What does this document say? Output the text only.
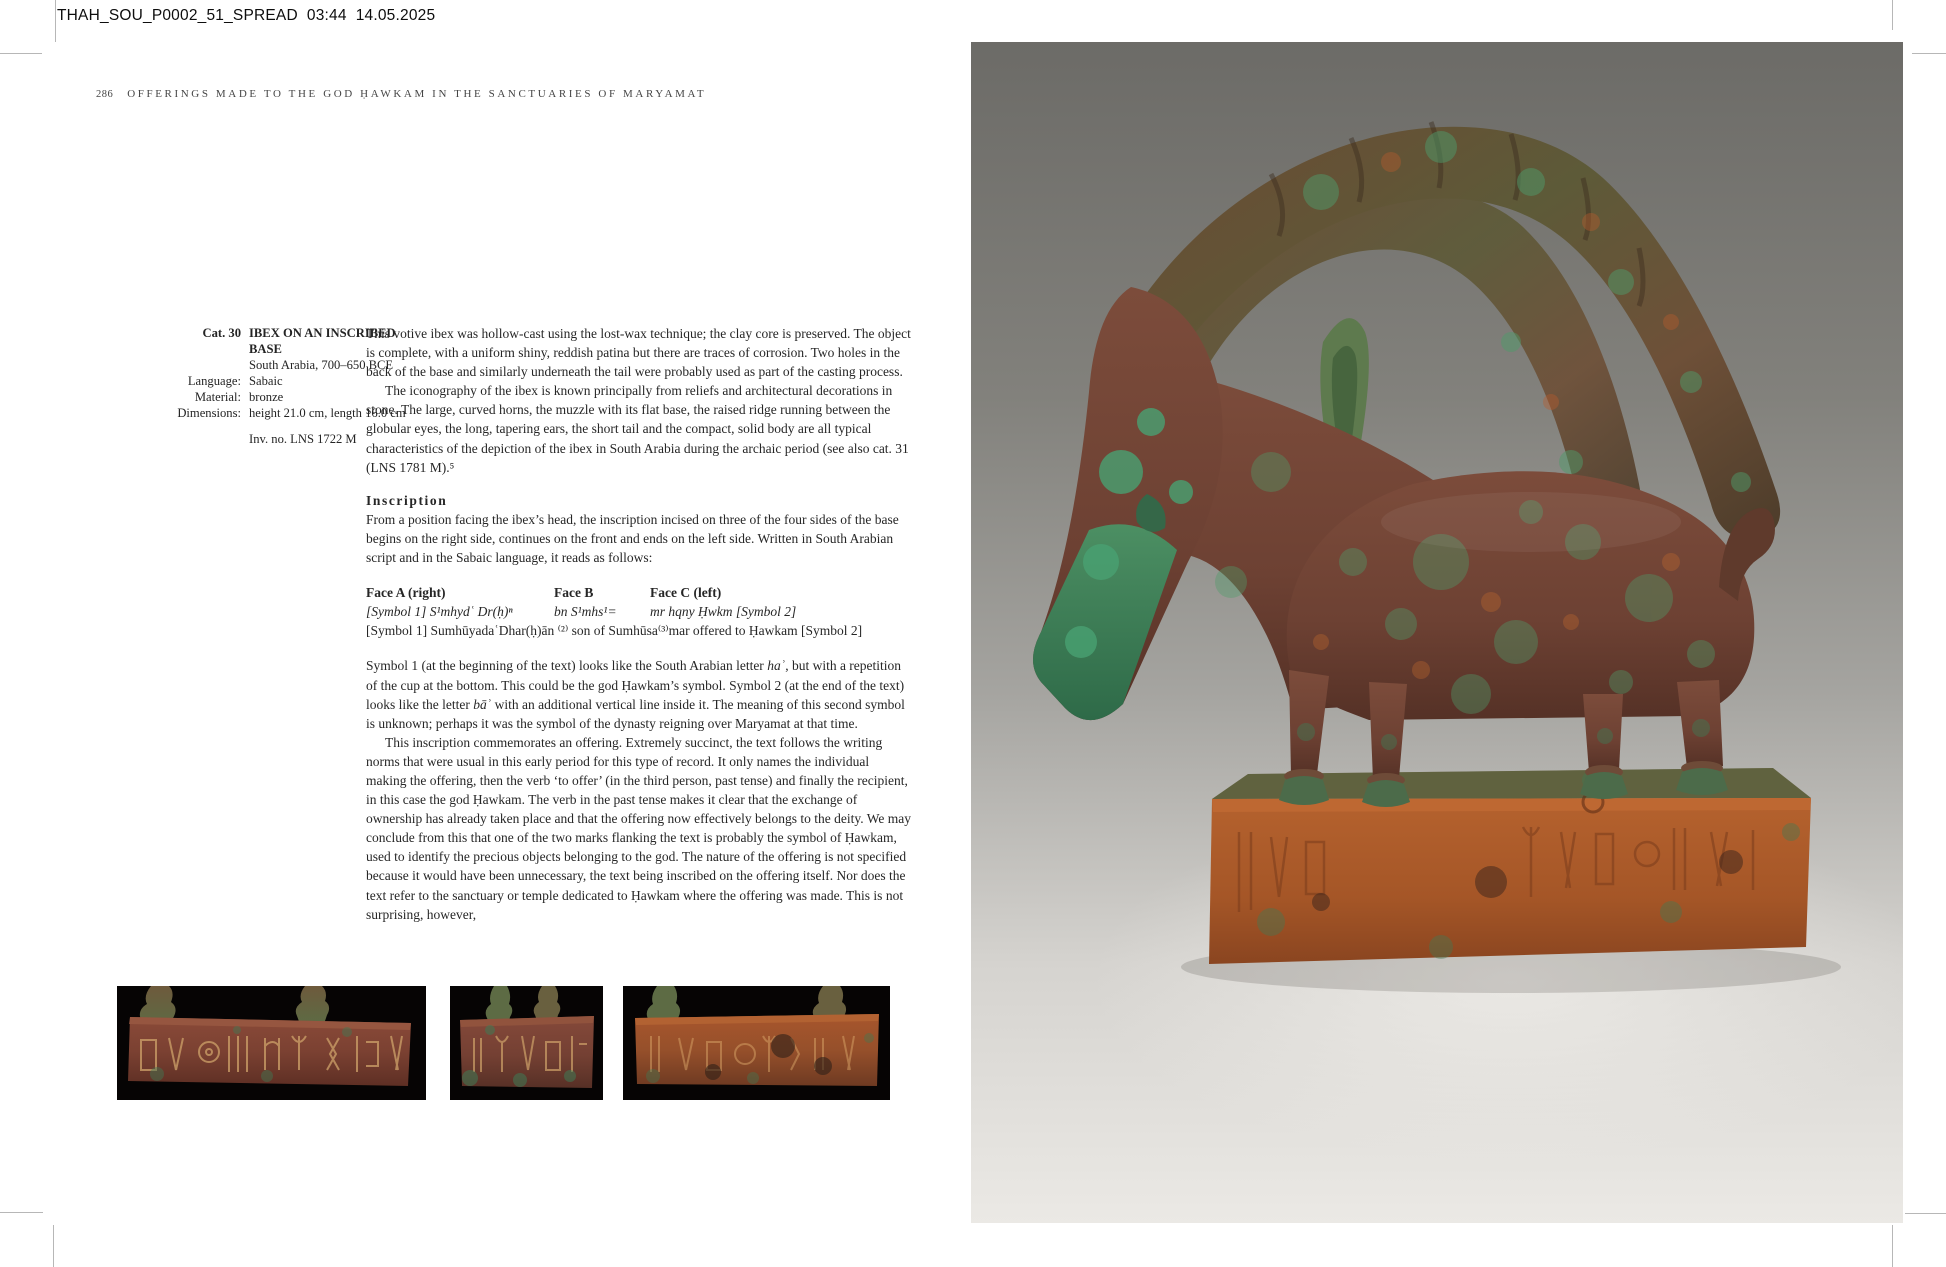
THAH_SOU_P0002_51_SPREAD 03:44 14.05.2025
286 OFFERINGS MADE TO THE GOD ḤAWKAM IN THE SANCTUARIES OF MARYAMAT
Cat. 30 IBEX ON AN INSCRIBED BASE
South Arabia, 700–650 BCE
Language: Sabaic
Material: bronze
Dimensions: height 21.0 cm, length 16.0 cm
Inv. no. LNS 1722 M

This votive ibex was hollow-cast using the lost-wax technique; the clay core is preserved. The object is complete, with a uniform shiny, reddish patina but there are traces of corrosion. Two holes in the back of the base and similarly underneath the tail were probably used as part of the casting process.

The iconography of the ibex is known principally from reliefs and architectural decorations in stone. The large, curved horns, the muzzle with its flat base, the raised ridge running between the globular eyes, the long, tapering ears, the short tail and the compact, solid body are all typical characteristics of the depiction of the ibex in South Arabia during the archaic period (see also cat. 31 (LNS 1781 M).⁵

Inscription

From a position facing the ibex’s head, the inscription incised on three of the four sides of the base begins on the right side, continues on the front and ends on the left side. Written in South Arabian script and in the Sabaic language, it reads as follows:

Face A (right)	Face B	Face C (left)
[Symbol 1] S¹mhydʿ Dr(ḥ)ⁿ	bn S¹mhs¹=	mr hqny Ḥwkm [Symbol 2]
[Symbol 1] SumhūyadaʿDhar(ḥ)ān ⁽²⁾ son of Sumhūsa⁽³⁾mar offered to Ḥawkam [Symbol 2]

Symbol 1 (at the beginning of the text) looks like the South Arabian letter haʾ, but with a repetition of the cup at the bottom. This could be the god Ḥawkam’s symbol. Symbol 2 (at the end of the text) looks like the letter bāʾ with an additional vertical line inside it. The meaning of this second symbol is unknown; perhaps it was the symbol of the dynasty reigning over Maryamat at that time.

This inscription commemorates an offering. Extremely succinct, the text follows the writing norms that were usual in this early period for this type of record. It only names the individual making the offering, then the verb ‘to offer’ (in the third person, past tense) and finally the recipient, in this case the god Ḥawkam. The verb in the past tense makes it clear that the exchange of ownership has already taken place and that the offering now effectively belongs to the deity. We may conclude from this that one of the two marks flanking the text is probably the symbol of Ḥawkam, used to identify the precious objects belonging to the god. The nature of the offering is not specified because it would have been unnecessary, the text being inscribed on the offering itself. Nor does the text refer to the sanctuary or temple dedicated to Ḥawkam where the offering was made. This is not surprising, however,
